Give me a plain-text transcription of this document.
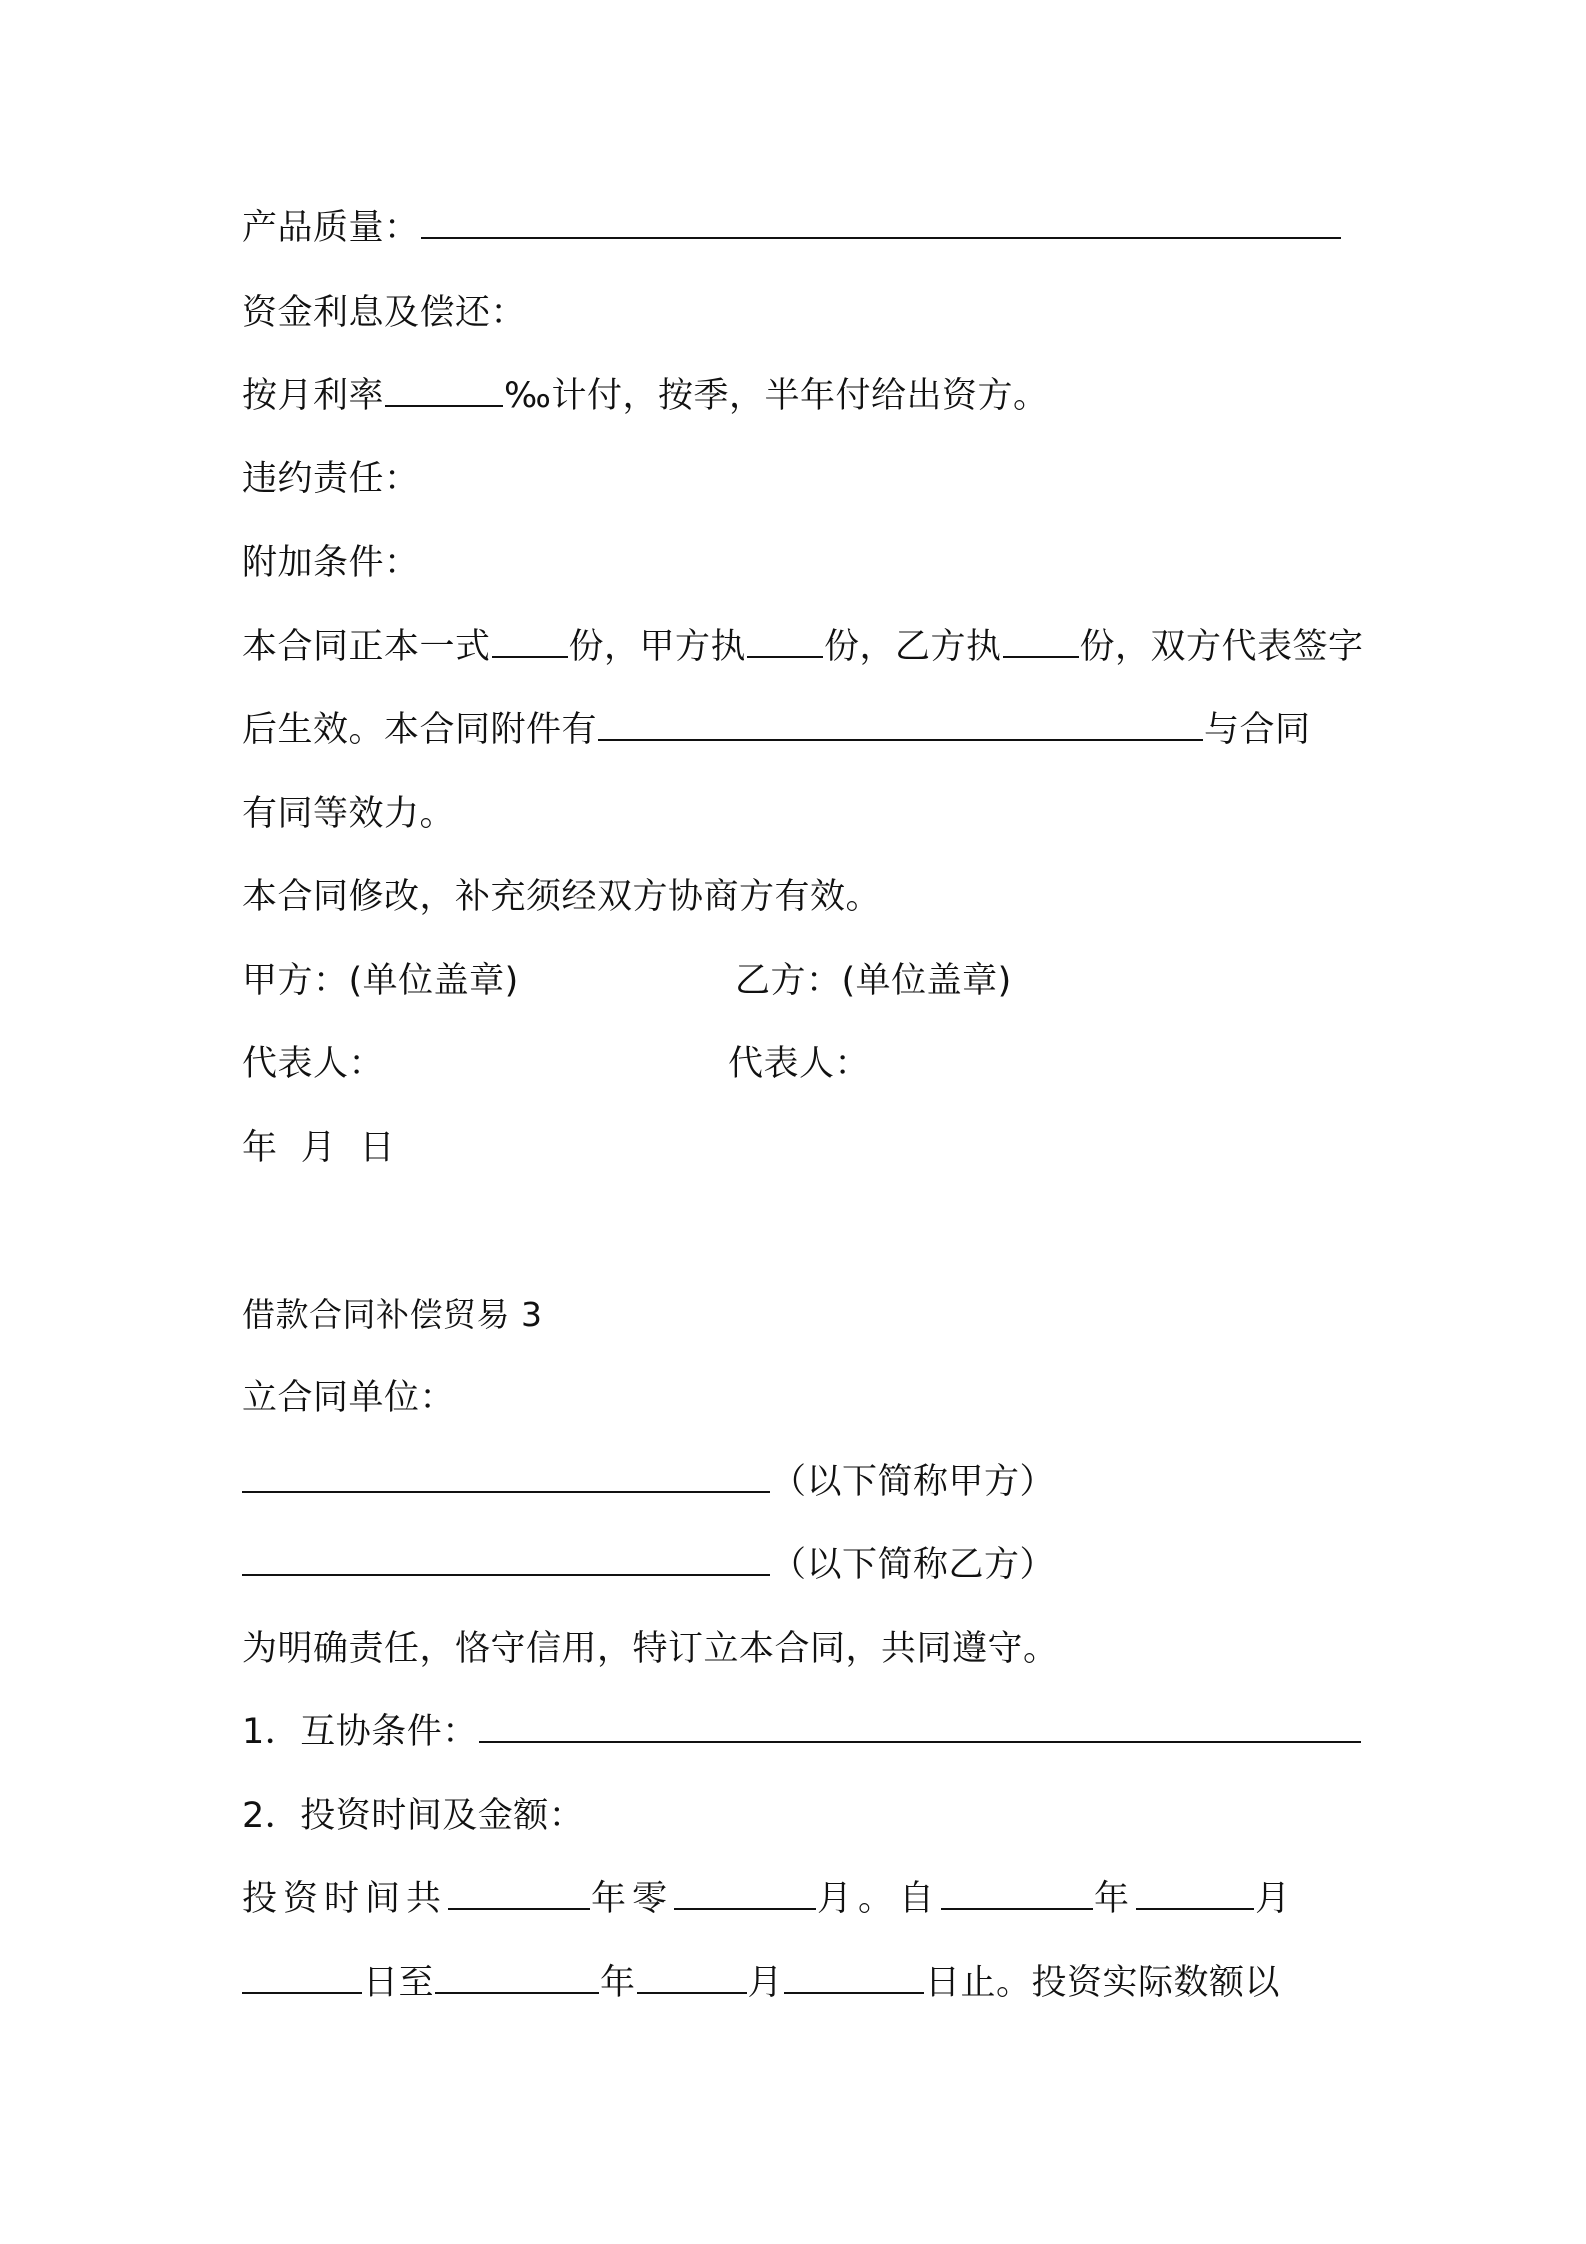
产品质量：
资金利息及偿还：
按月利率	‰计付，按季，半年付给出资方。
违约责任：
附加条件：
本合同正本一式 份，甲方执 份，乙方执 份，双方代表签字
后生效。本合同附件有	与合同
有同等效力。
本合同修改，补充须经双方协商方有效。
甲方：(单位盖章)	乙方：(单位盖章)
代表人：	代表人：
年  月  日
借款合同补偿贸易 3
立合同单位：
（以下简称甲方）
（以下简称乙方）
为明确责任，恪守信用，特订立本合同，共同遵守。
1．互协条件：
2．投资时间及金额：
投资时间共	年零	月。自	年	月
日至	年	月	日止。投资实际数额以
